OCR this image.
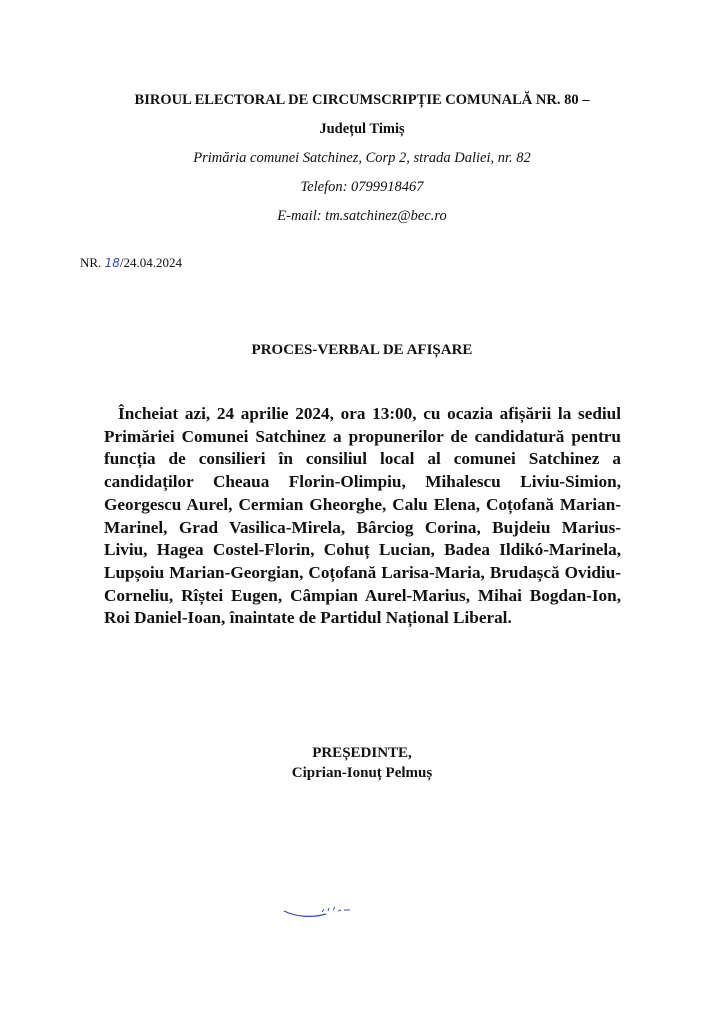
BIROUL ELECTORAL DE CIRCUMSCRIPȚIE COMUNALĂ NR. 80 –
Județul Timiș
Primăria comunei Satchinez, Corp 2, strada Daliei, nr. 82
Telefon: 0799918467
E-mail: tm.satchinez@bec.ro
NR. 18/24.04.2024
PROCES-VERBAL DE AFIȘARE

Încheiat azi, 24 aprilie 2024, ora 13:00, cu ocazia afișării la sediul Primăriei Comunei Satchinez a propunerilor de candidatură pentru funcția de consilieri în consiliul local al comunei Satchinez a candidaților Cheaua Florin-Olimpiu, Mihalescu Liviu-Simion, Georgescu Aurel, Cermian Gheorghe, Calu Elena, Coțofană Marian-Marinel, Grad Vasilica-Mirela, Bârciog Corina, Bujdeiu Marius-Liviu, Hagea Costel-Florin, Cohuț Lucian, Badea Ildikó-Marinela, Lupșoiu Marian-Georgian, Coțofană Larisa-Maria, Brudașcă Ovidiu-Corneliu, Rîștei Eugen, Câmpian Aurel-Marius, Mihai Bogdan-Ion, Roi Daniel-Ioan, înaintate de Partidul Național Liberal.

PREȘEDINTE,
Ciprian-Ionuț Pelmuș
